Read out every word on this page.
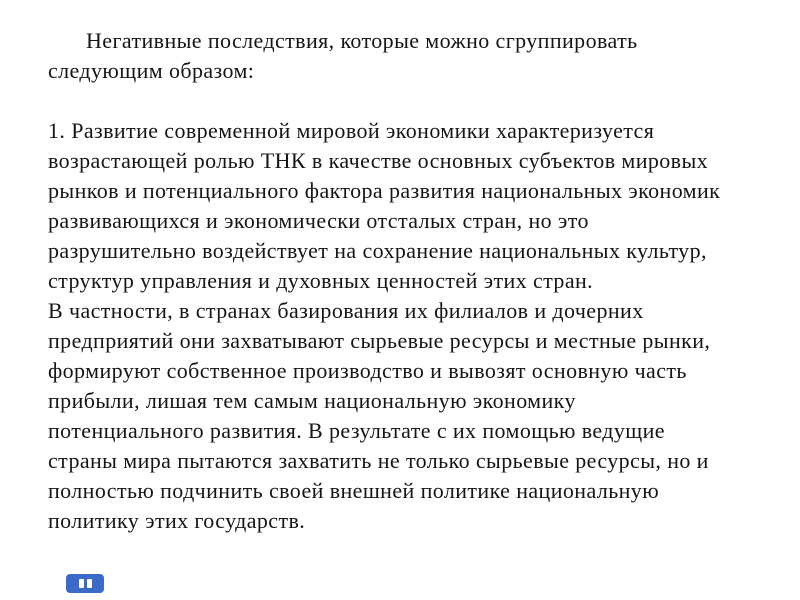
Негативные последствия, которые можно сгруппировать
следующим образом:
1. Развитие современной мировой экономики характеризуется
возрастающей ролью ТНК в качестве основных субъектов мировых
рынков и потенциального фактора развития национальных экономик
развивающихся и экономически отсталых стран, но это
разрушительно воздействует на сохранение национальных культур,
структур управления и духовных ценностей этих стран.
В частности, в странах базирования их филиалов и дочерних
предприятий они захватывают сырьевые ресурсы и местные рынки,
формируют собственное производство и вывозят основную часть
прибыли, лишая тем самым национальную экономику
потенциального развития. В результате с их помощью ведущие
страны мира пытаются захватить не только сырьевые ресурсы, но и
полностью подчинить своей внешней политике национальную
политику этих государств.
